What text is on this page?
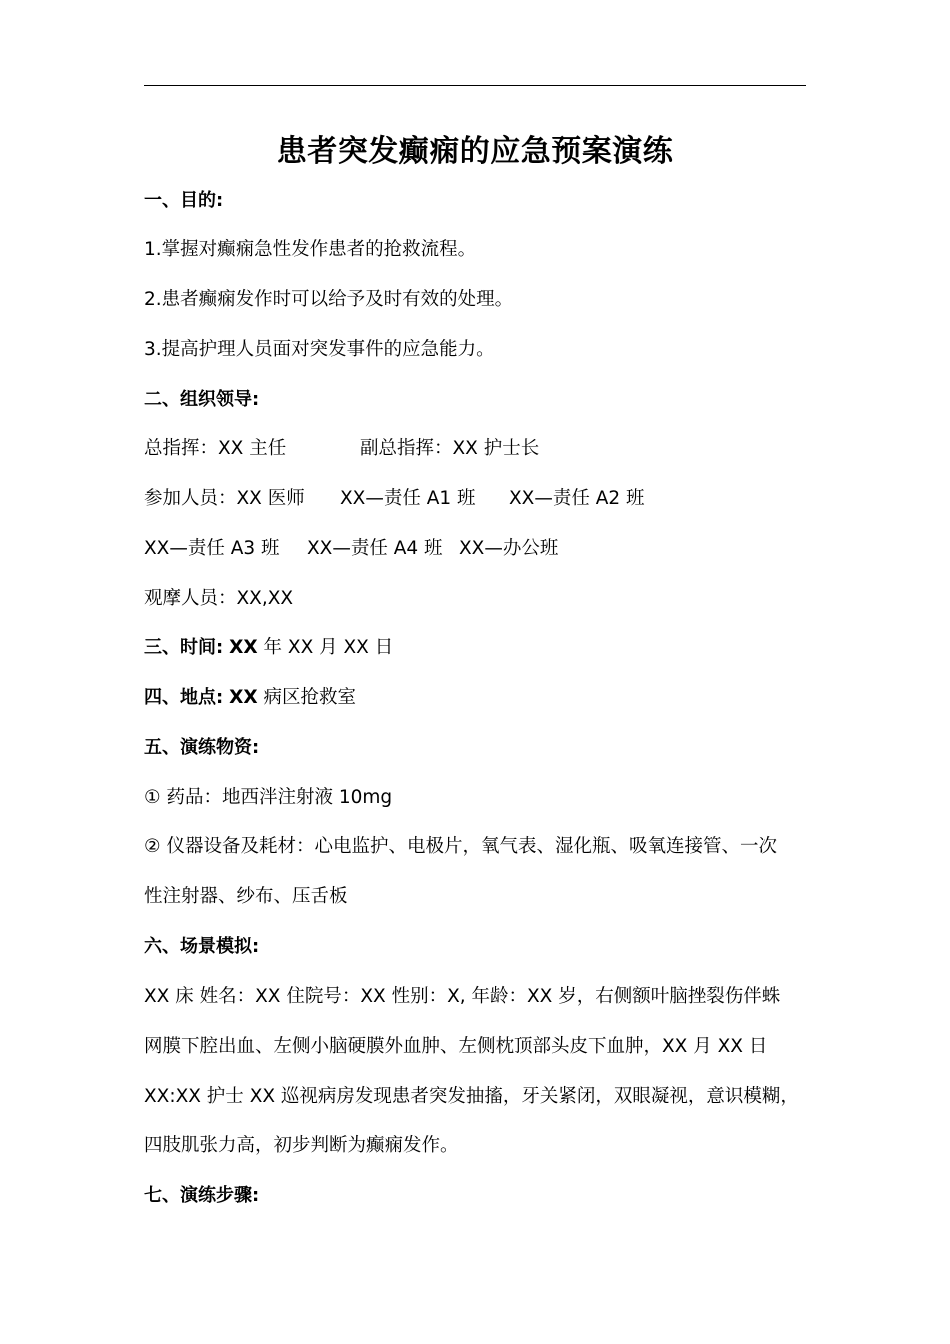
患者突发癫痫的应急预案演练
一、目的:
1.掌握对癫痫急性发作患者的抢救流程。
2.患者癫痫发作时可以给予及时有效的处理。
3.提高护理人员面对突发事件的应急能力。
二、组织领导:
总指挥：XX 主任	副总指挥：XX 护士长
参加人员：XX 医师 XX—责任 A1 班 XX—责任 A2 班
XX—责任 A3 班 XX—责任 A4 班 XX—办公班
观摩人员：XX,XX
三、时间: XX 年 XX 月 XX 日
四、地点: XX 病区抢救室
五、演练物资:
① 药品：地西泮注射液 10mg
② 仪器设备及耗材：心电监护、电极片，氧气表、湿化瓶、吸氧连接管、一次
性注射器、纱布、压舌板
六、场景模拟:
XX 床 姓名：XX 住院号：XX 性别：X, 年龄：XX 岁，右侧额叶脑挫裂伤伴蛛
网膜下腔出血、左侧小脑硬膜外血肿、左侧枕顶部头皮下血肿，XX 月 XX 日
XX:XX 护士 XX 巡视病房发现患者突发抽搐，牙关紧闭，双眼凝视，意识模糊，
四肢肌张力高，初步判断为癫痫发作。
七、演练步骤:
